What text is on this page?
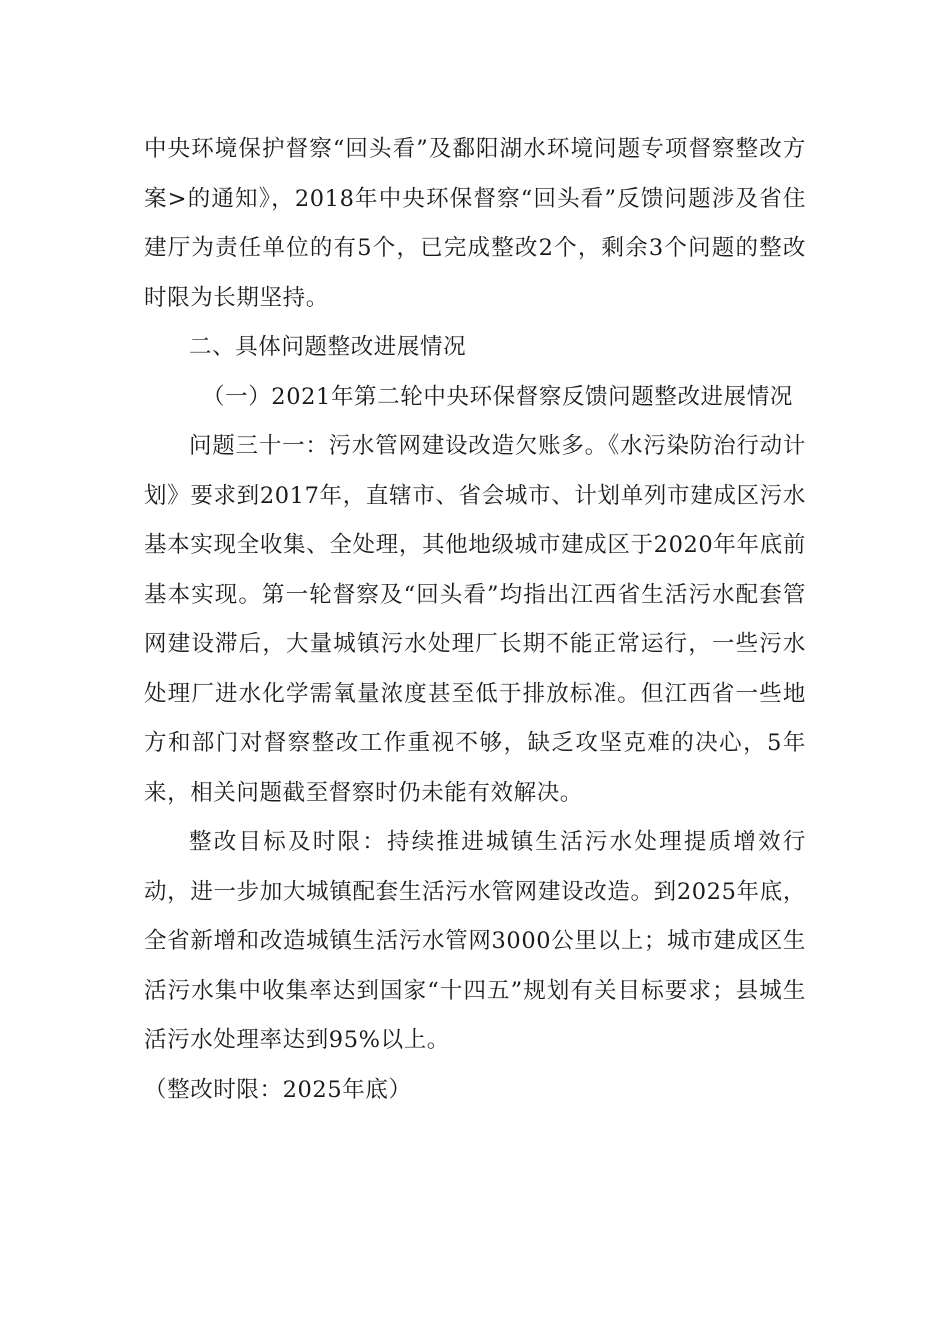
中央环境保护督察“回头看”及鄱阳湖水环境问题专项督察整改方案>的通知》，2018年中央环保督察“回头看”反馈问题涉及省住建厅为责任单位的有5个，已完成整改2个，剩余3个问题的整改时限为长期坚持。

二、具体问题整改进展情况

（一）2021年第二轮中央环保督察反馈问题整改进展情况

问题三十一：污水管网建设改造欠账多。《水污染防治行动计划》要求到2017年，直辖市、省会城市、计划单列市建成区污水基本实现全收集、全处理，其他地级城市建成区于2020年年底前基本实现。第一轮督察及“回头看”均指出江西省生活污水配套管网建设滞后，大量城镇污水处理厂长期不能正常运行，一些污水处理厂进水化学需氧量浓度甚至低于排放标准。但江西省一些地方和部门对督察整改工作重视不够，缺乏攻坚克难的决心，5年来，相关问题截至督察时仍未能有效解决。

整改目标及时限：持续推进城镇生活污水处理提质增效行动，进一步加大城镇配套生活污水管网建设改造。到2025年底，全省新增和改造城镇生活污水管网3000公里以上；城市建成区生活污水集中收集率达到国家“十四五”规划有关目标要求；县城生活污水处理率达到95%以上。

（整改时限：2025年底）
